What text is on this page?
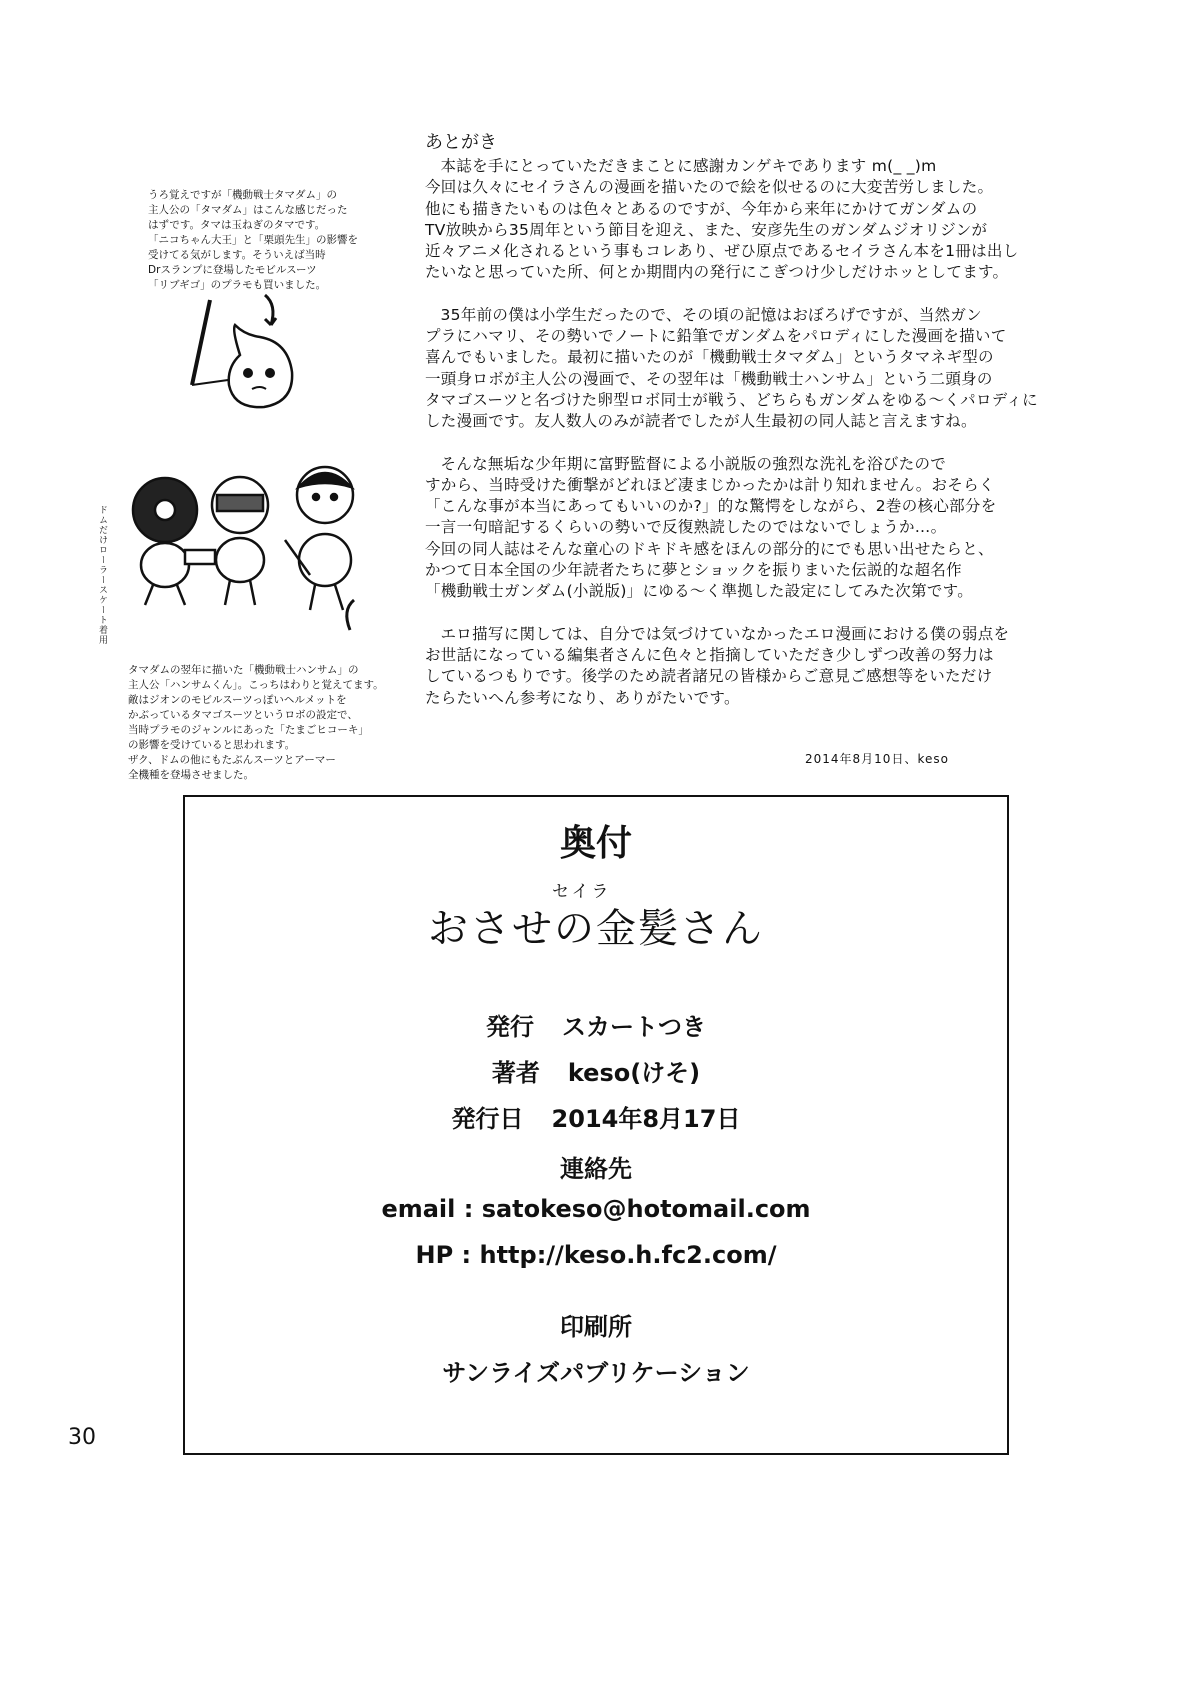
あとがき
本誌を手にとっていただきまことに感謝カンゲキであります m(_ _)m
今回は久々にセイラさんの漫画を描いたので絵を似せるのに大変苦労しました。
他にも描きたいものは色々とあるのですが、今年から来年にかけてガンダムの
TV放映から35周年という節目を迎え、また、安彦先生のガンダムジオリジンが
近々アニメ化されるという事もコレあり、ぜひ原点であるセイラさん本を1冊は出し
たいなと思っていた所、何とか期間内の発行にこぎつけ少しだけホッとしてます。
35年前の僕は小学生だったので、その頃の記憶はおぼろげですが、当然ガン
プラにハマリ、その勢いでノートに鉛筆でガンダムをパロディにした漫画を描いて
喜んでもいました。最初に描いたのが「機動戦士タマダム」というタマネギ型の
一頭身ロボが主人公の漫画で、その翌年は「機動戦士ハンサム」という二頭身の
タマゴスーツと名づけた卵型ロボ同士が戦う、どちらもガンダムをゆる～くパロディに
した漫画です。友人数人のみが読者でしたが人生最初の同人誌と言えますね。
そんな無垢な少年期に富野監督による小説版の強烈な洗礼を浴びたので
すから、当時受けた衝撃がどれほど凄まじかったかは計り知れません。おそらく
「こんな事が本当にあってもいいのか?」的な驚愕をしながら、2巻の核心部分を
一言一句暗記するくらいの勢いで反復熟読したのではないでしょうか…。
今回の同人誌はそんな童心のドキドキ感をほんの部分的にでも思い出せたらと、
かつて日本全国の少年読者たちに夢とショックを振りまいた伝説的な超名作
「機動戦士ガンダム(小説版)」にゆる～く準拠した設定にしてみた次第です。
エロ描写に関しては、自分では気づけていなかったエロ漫画における僕の弱点を
お世話になっている編集者さんに色々と指摘していただき少しずつ改善の努力は
しているつもりです。後学のため読者諸兄の皆様からご意見ご感想等をいただけ
たらたいへん参考になり、ありがたいです。
2014年8月10日、keso
うろ覚えですが「機動戦士タマダム」の
主人公の「タマダム」はこんな感じだった
はずです。タマは玉ねぎのタマです。
「ニコちゃん大王」と「栗頭先生」の影響を
受けてる気がします。そういえば当時
Drスランプに登場したモビルスーツ
「リブギゴ」のプラモも買いました。
ドムだけローラースケート着用
タマダムの翌年に描いた「機動戦士ハンサム」の
主人公「ハンサムくん」。こっちはわりと覚えてます。
敵はジオンのモビルスーツっぽいヘルメットを
かぶっているタマゴスーツというロボの設定で、
当時プラモのジャンルにあった「たまごヒコーキ」
の影響を受けていると思われます。
ザク、ドムの他にもたぶんスーツとアーマー
全機種を登場させました。
奥付
セイラ
おさせの金髪さん
発行 スカートつき
著者 keso(けそ)
発行日 2014年8月17日
連絡先
email : satokeso@hotomail.com
HP : http://keso.h.fc2.com/
印刷所
サンライズパブリケーション
30
